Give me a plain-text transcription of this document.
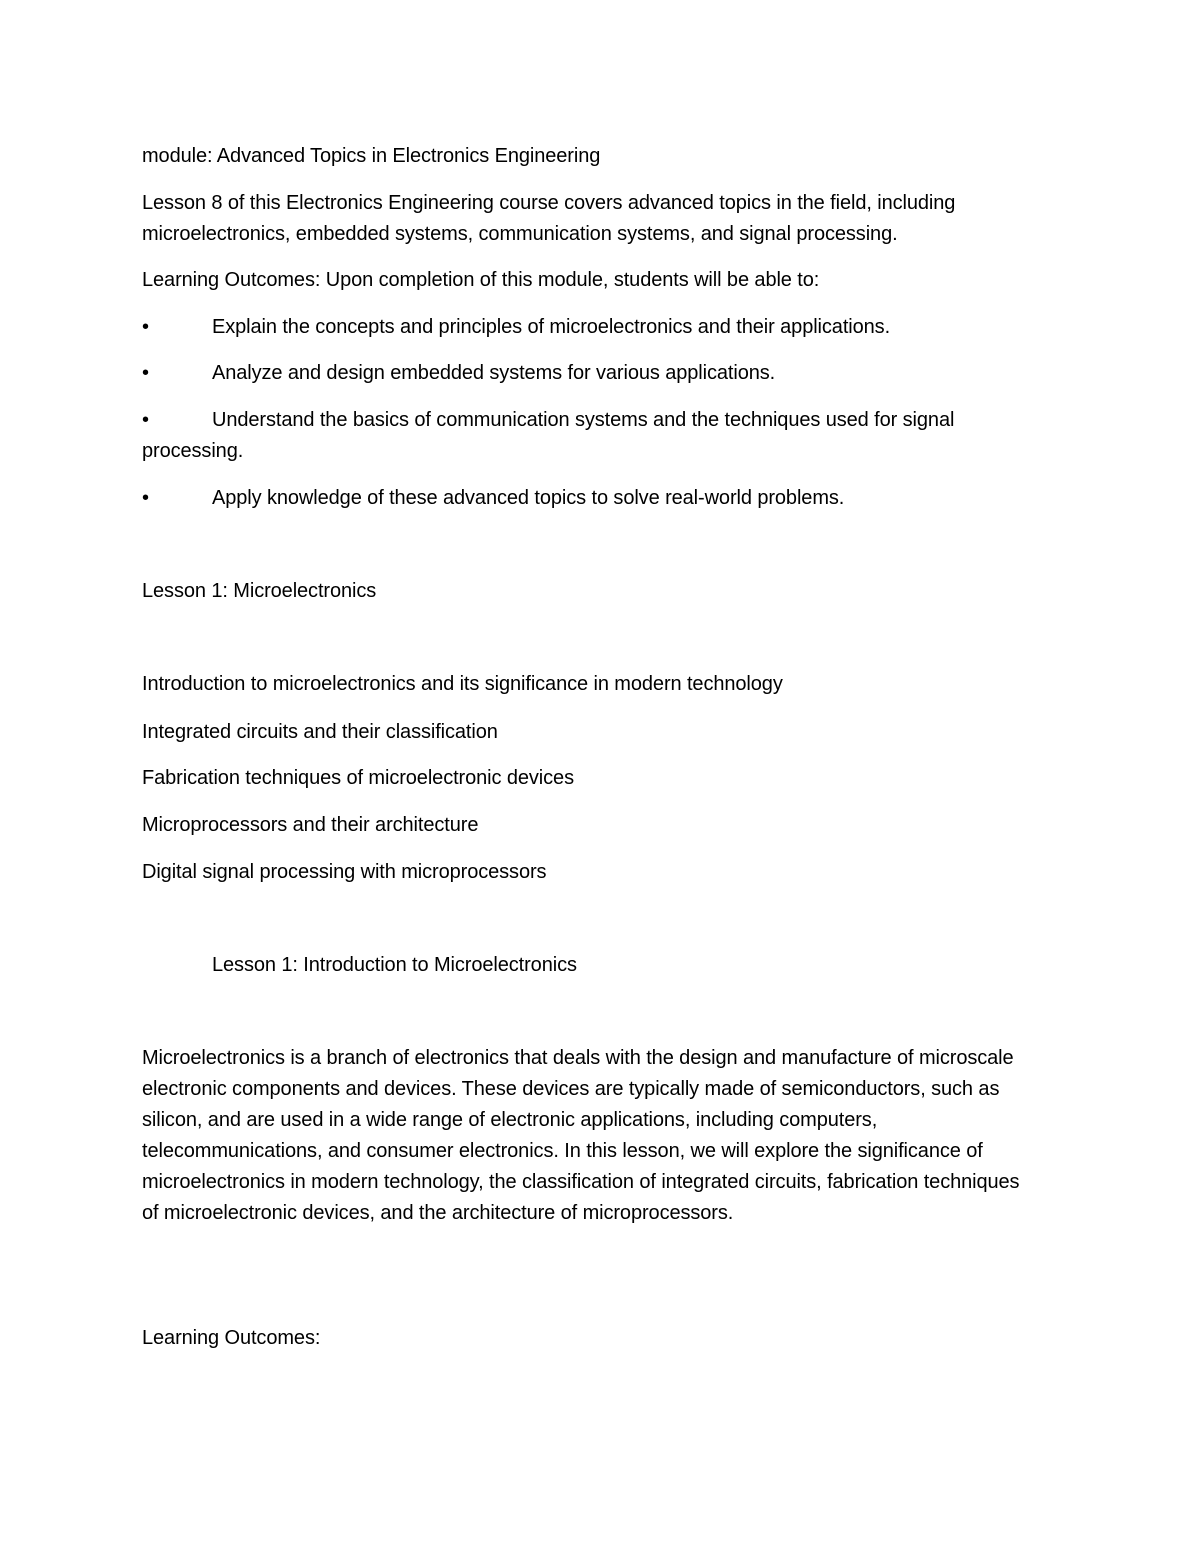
module: Advanced Topics in Electronics Engineering
Lesson 8 of this Electronics Engineering course covers advanced topics in the field, including microelectronics, embedded systems, communication systems, and signal processing.
Learning Outcomes: Upon completion of this module, students will be able to:
•	Explain the concepts and principles of microelectronics and their applications.
•	Analyze and design embedded systems for various applications.
•	Understand the basics of communication systems and the techniques used for signal processing.
•	Apply knowledge of these advanced topics to solve real-world problems.
Lesson 1: Microelectronics
Introduction to microelectronics and its significance in modern technology
Integrated circuits and their classification
Fabrication techniques of microelectronic devices
Microprocessors and their architecture
Digital signal processing with microprocessors
Lesson 1: Introduction to Microelectronics
Microelectronics is a branch of electronics that deals with the design and manufacture of microscale electronic components and devices. These devices are typically made of semiconductors, such as silicon, and are used in a wide range of electronic applications, including computers, telecommunications, and consumer electronics. In this lesson, we will explore the significance of microelectronics in modern technology, the classification of integrated circuits, fabrication techniques of microelectronic devices, and the architecture of microprocessors.
Learning Outcomes:
